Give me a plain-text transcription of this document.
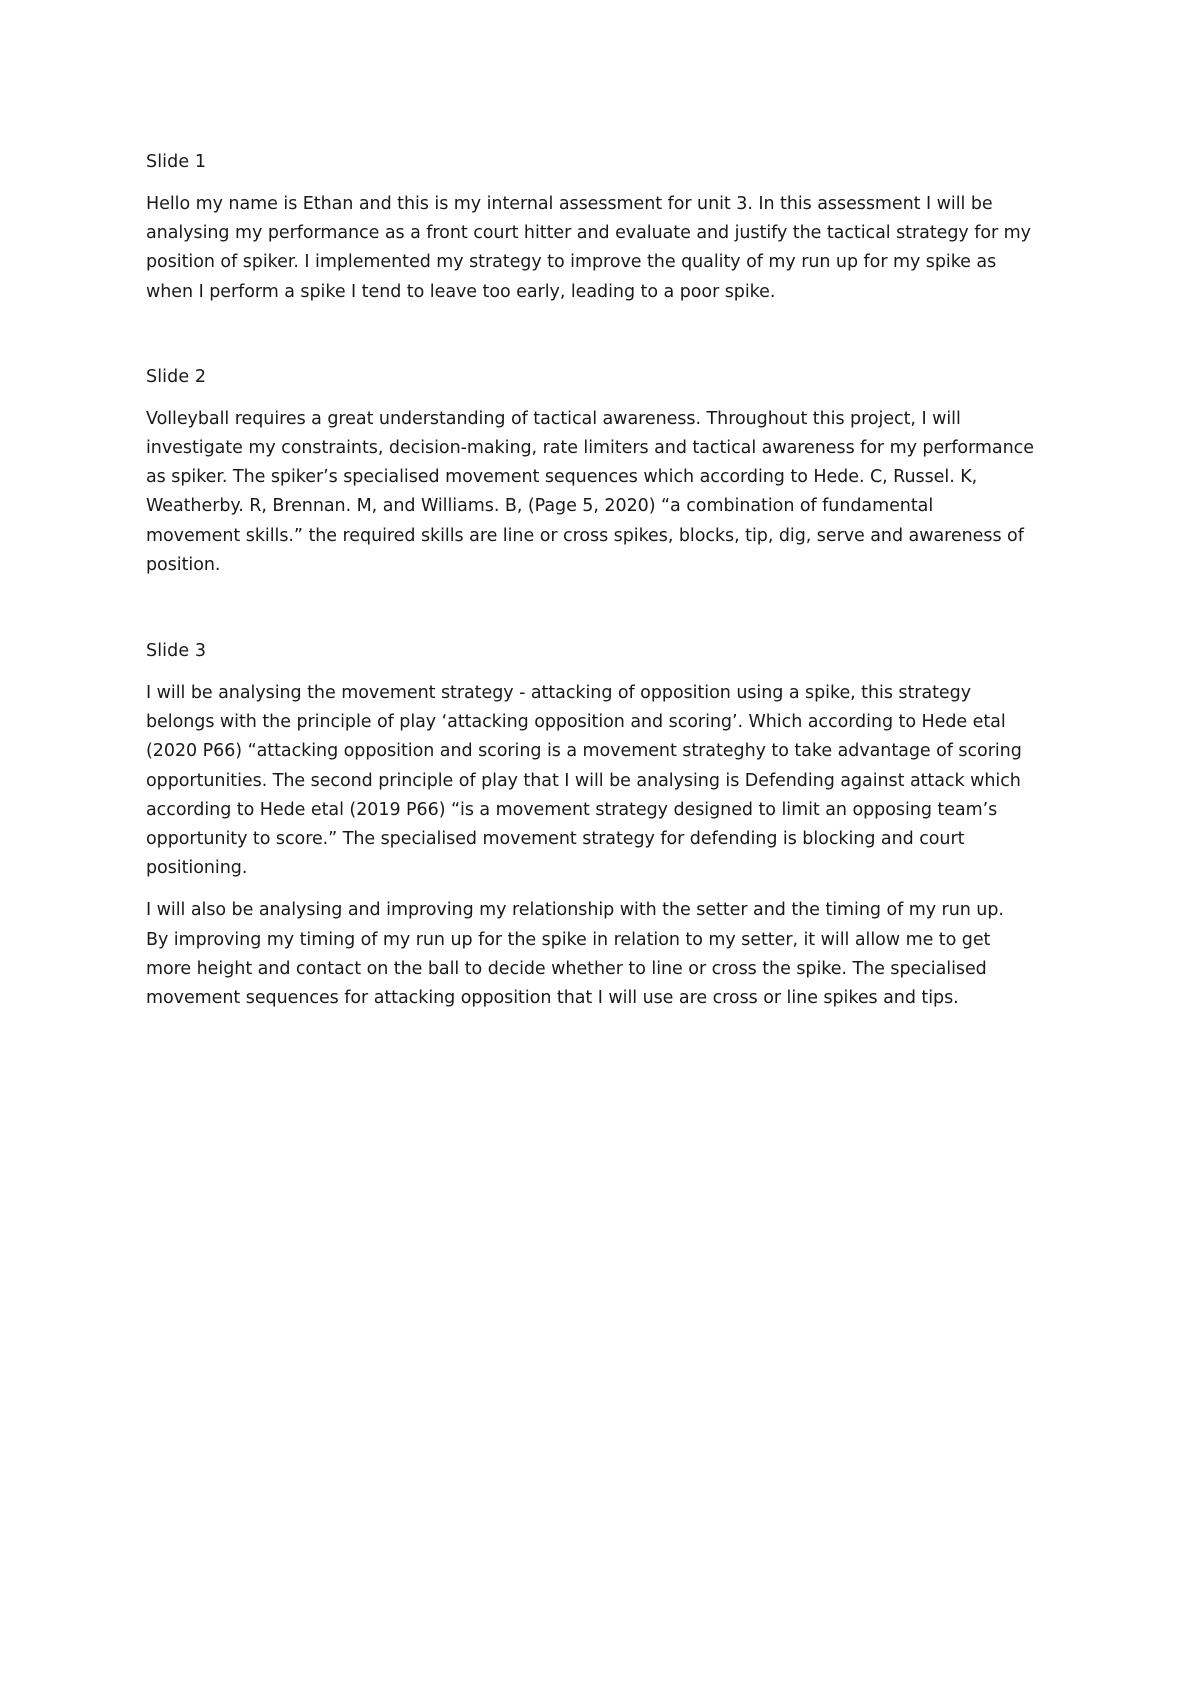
Slide 1

Hello my name is Ethan and this is my internal assessment for unit 3. In this assessment I will be
analysing my performance as a front court hitter and evaluate and justify the tactical strategy for my
position of spiker. I implemented my strategy to improve the quality of my run up for my spike as
when I perform a spike I tend to leave too early, leading to a poor spike.

Slide 2

Volleyball requires a great understanding of tactical awareness. Throughout this project, I will
investigate my constraints, decision-making, rate limiters and tactical awareness for my performance
as spiker. The spiker’s specialised movement sequences which according to Hede. C, Russel. K,
Weatherby. R, Brennan. M, and Williams. B, (Page 5, 2020) “a combination of fundamental
movement skills.” the required skills are line or cross spikes, blocks, tip, dig, serve and awareness of
position.

Slide 3

I will be analysing the movement strategy - attacking of opposition using a spike, this strategy
belongs with the principle of play ‘attacking opposition and scoring’. Which according to Hede etal
(2020 P66) “attacking opposition and scoring is a movement strateghy to take advantage of scoring
opportunities. The second principle of play that I will be analysing is Defending against attack which
according to Hede etal (2019 P66) “is a movement strategy designed to limit an opposing team’s
opportunity to score.” The specialised movement strategy for defending is blocking and court
positioning.

I will also be analysing and improving my relationship with the setter and the timing of my run up.
By improving my timing of my run up for the spike in relation to my setter, it will allow me to get
more height and contact on the ball to decide whether to line or cross the spike. The specialised
movement sequences for attacking opposition that I will use are cross or line spikes and tips.
